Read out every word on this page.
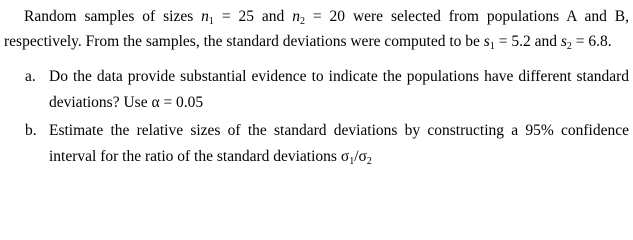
Random samples of sizes $n_1 = 25$ and $n_2 = 20$ were selected from populations A and B,
respectively. From the samples, the standard deviations were computed to be $s_1 = 5.2$ and $s_2 = 6.8$.
a. Do the data provide substantial evidence to indicate the populations have different standard
deviations? Use α = 0.05
b. Estimate the relative sizes of the standard deviations by constructing a 95% confidence
interval for the ratio of the standard deviations $\sigma_1/\sigma_2$
